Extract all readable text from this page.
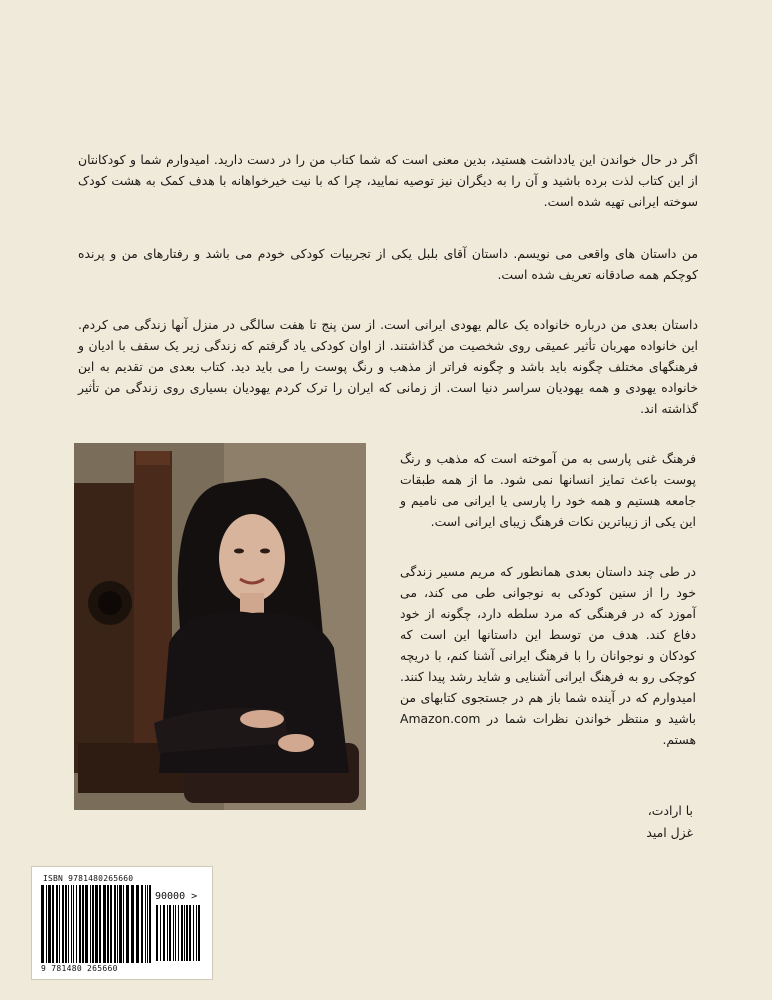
اگر در حال خواندن این یادداشت هستید، بدین معنی است که شما کتاب من را در دست دارید. امیدوارم شما و کودکانتان از این کتاب لذت برده باشید و آن را به دیگران نیز توصیه نمایید، چرا که با نیت خیرخواهانه با هدف کمک به هشت کودک سوخته ایرانی تهیه شده است.

من داستان های واقعی می نویسم. داستان آقای بلبل یکی از تجربیات کودکی خودم می باشد و رفتارهای من و پرنده کوچکم همه صادقانه تعریف شده است.

داستان بعدی من درباره خانواده یک عالم یهودی ایرانی است. از سن پنج تا هفت سالگی در منزل آنها زندگی می کردم. این خانواده مهربان تأثیر عمیقی روی شخصیت من گذاشتند. از اوان کودکی یاد گرفتم که زندگی زیر یک سقف با ادیان و فرهنگهای مختلف چگونه باید باشد و چگونه فراتر از مذهب و رنگ پوست را می باید دید. کتاب بعدی من تقدیم به این خانواده یهودی و همه یهودیان سراسر دنیا است. از زمانی که ایران را ترک کردم یهودیان بسیاری روی زندگی من تأثیر گذاشته اند.

فرهنگ غنی پارسی به من آموخته است که مذهب و رنگ پوست باعث تمایز انسانها نمی شود. ما از همه طبقات جامعه هستیم و همه خود را پارسی یا ایرانی می نامیم و این یکی از زیباترین نکات فرهنگ زیبای ایرانی است.

در طی چند داستان بعدی همانطور که مریم مسیر زندگی خود را از سنین کودکی به نوجوانی طی می کند، می آموزد که در فرهنگی که مرد سلطه دارد، چگونه از خود دفاع کند. هدف من توسط این داستانها این است که کودکان و نوجوانان را با فرهنگ ایرانی آشنا کنم، با دریچه کوچکی رو به فرهنگ ایرانی آشنایی و شاید رشد پیدا کنند. امیدوارم که در آینده شما باز هم در جستجوی کتابهای من باشید و منتظر خواندن نظرات شما در Amazon.com هستم.

با ارادت،
غزل امید
ISBN 9781480265660
90000 >
9 781480 265660
